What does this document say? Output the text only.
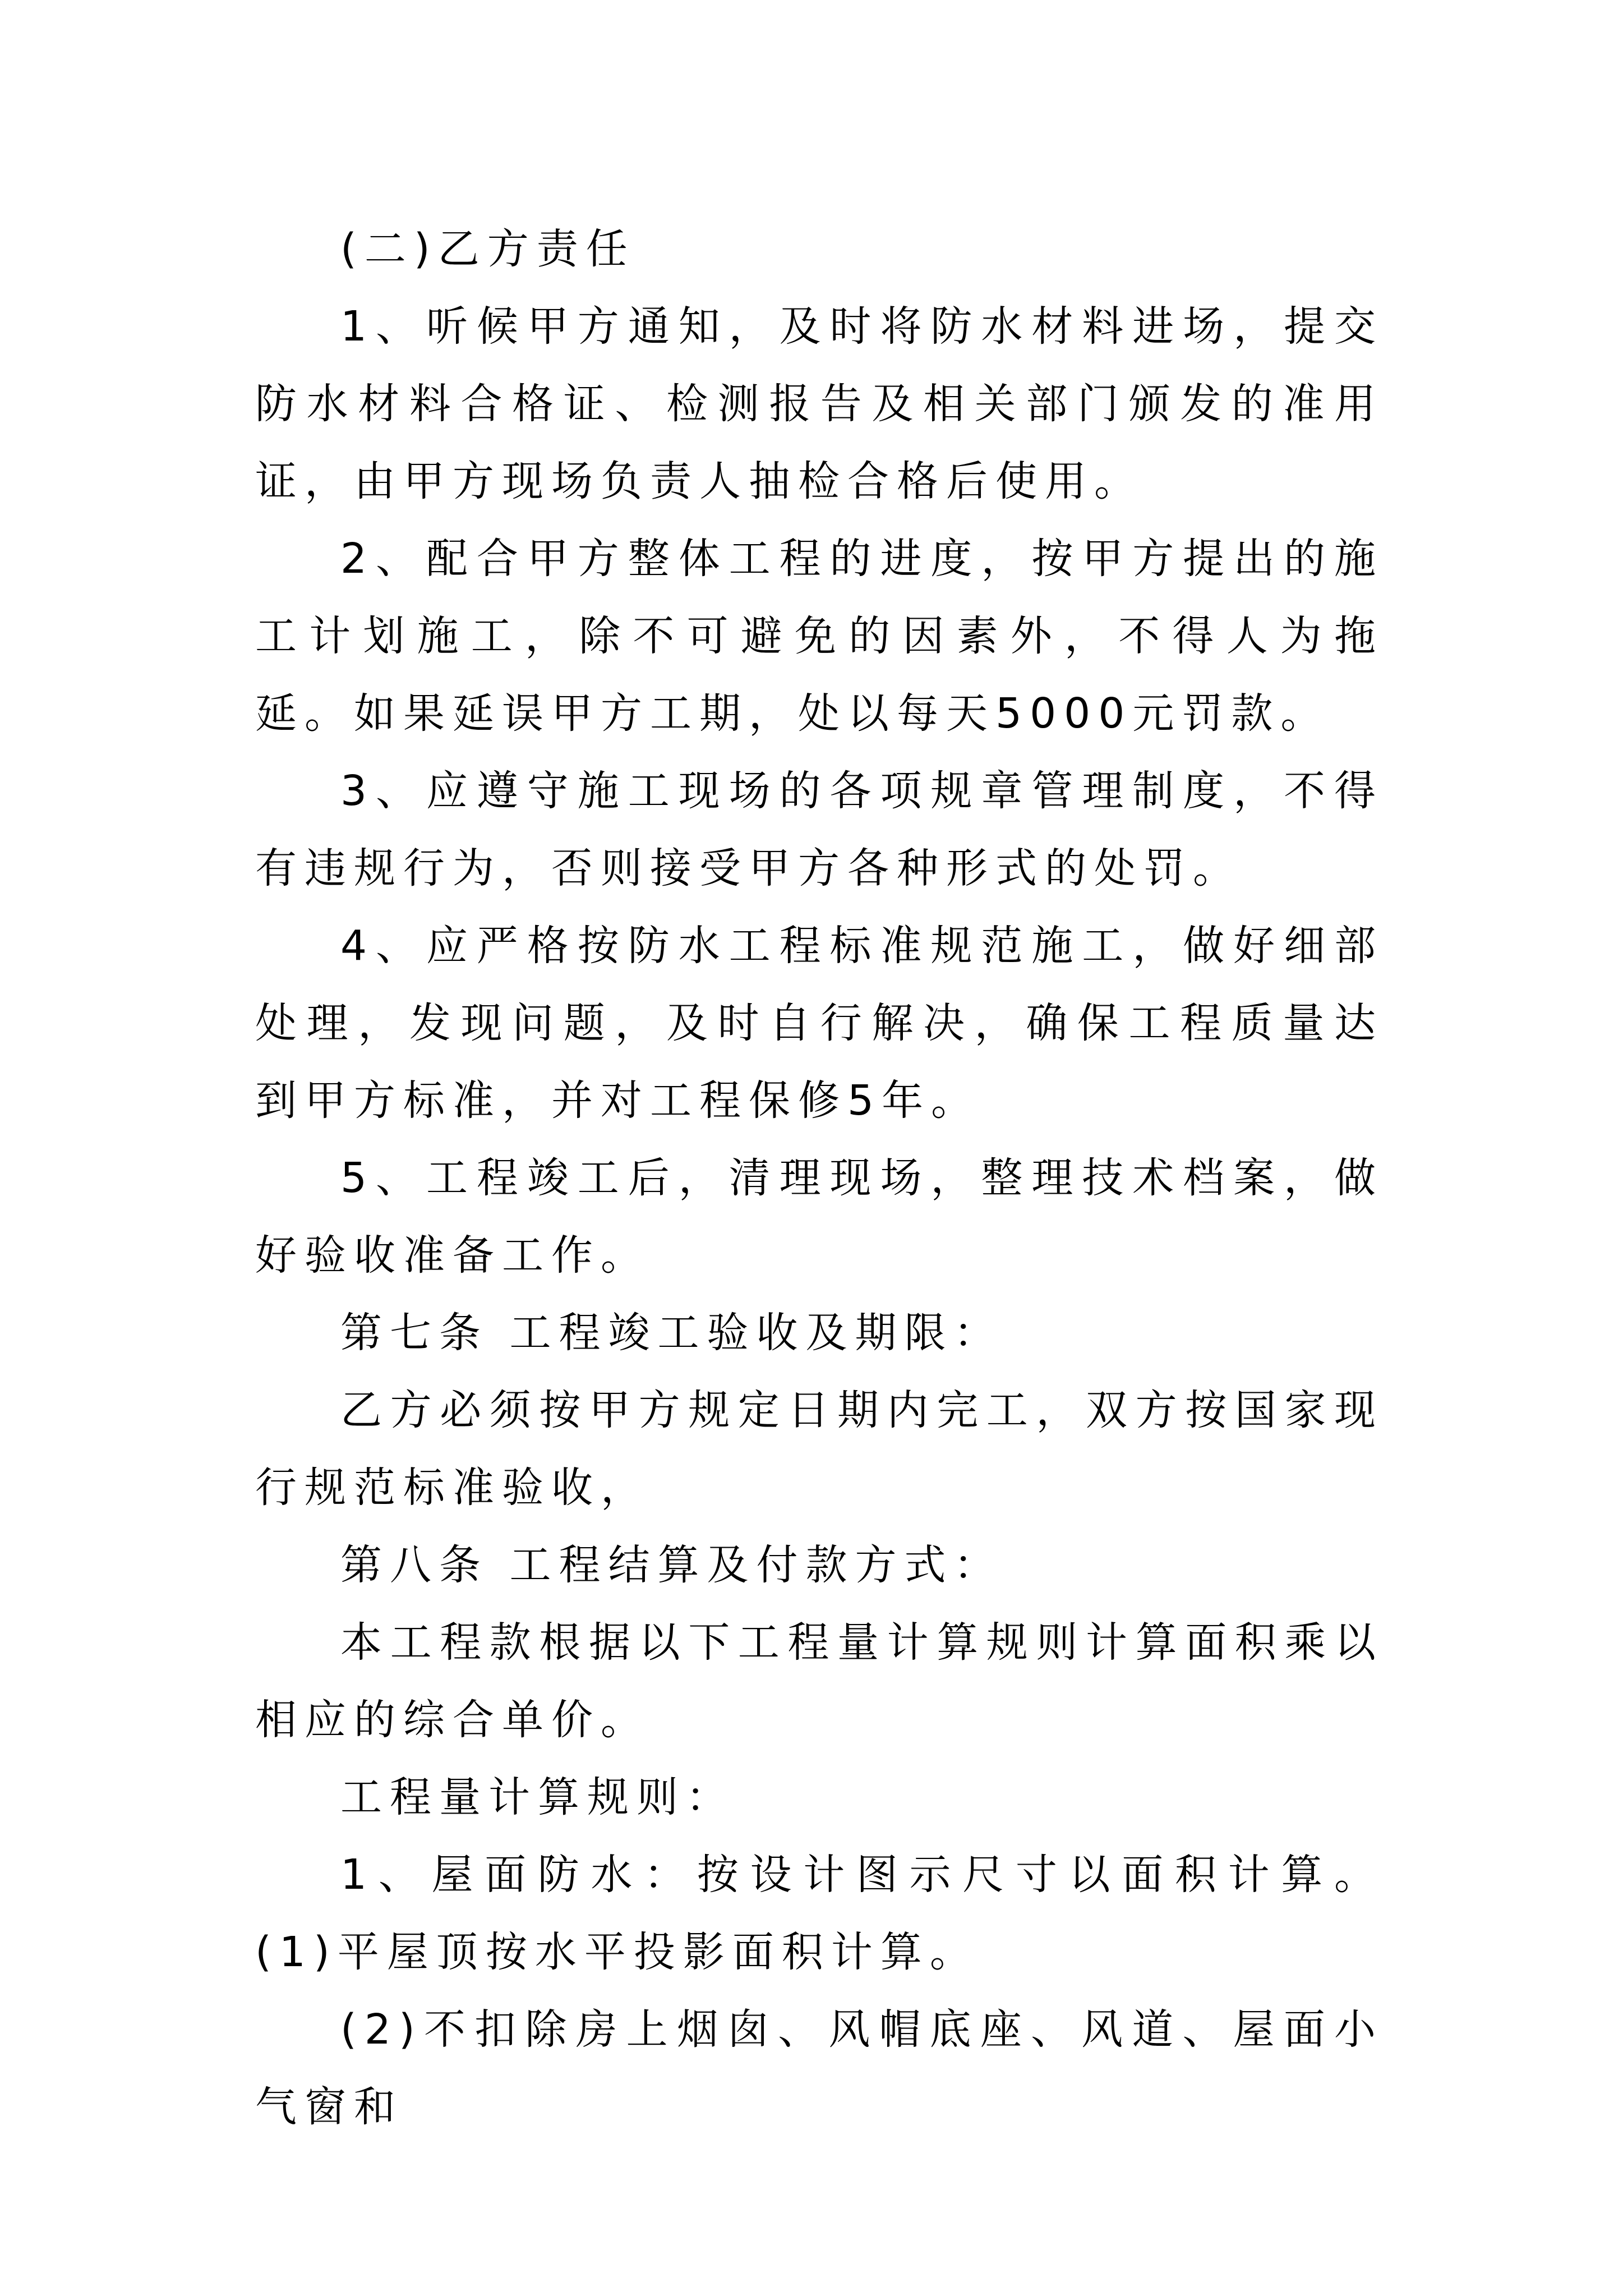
(二)乙方责任

1、听候甲方通知，及时将防水材料进场，提交防水材料合格证、检测报告及相关部门颁发的准用证，由甲方现场负责人抽检合格后使用。

2、配合甲方整体工程的进度，按甲方提出的施工计划施工，除不可避免的因素外，不得人为拖延。如果延误甲方工期，处以每天5000元罚款。

3、应遵守施工现场的各项规章管理制度，不得有违规行为，否则接受甲方各种形式的处罚。

4、应严格按防水工程标准规范施工，做好细部处理，发现问题，及时自行解决，确保工程质量达到甲方标准，并对工程保修5年。

5、工程竣工后，清理现场，整理技术档案，做好验收准备工作。

第七条 工程竣工验收及期限：

乙方必须按甲方规定日期内完工，双方按国家现行规范标准验收，

第八条 工程结算及付款方式：

本工程款根据以下工程量计算规则计算面积乘以相应的综合单价。

工程量计算规则：

1、屋面防水：按设计图示尺寸以面积计算。(1)平屋顶按水平投影面积计算。

(2)不扣除房上烟囱、风帽底座、风道、屋面小气窗和
